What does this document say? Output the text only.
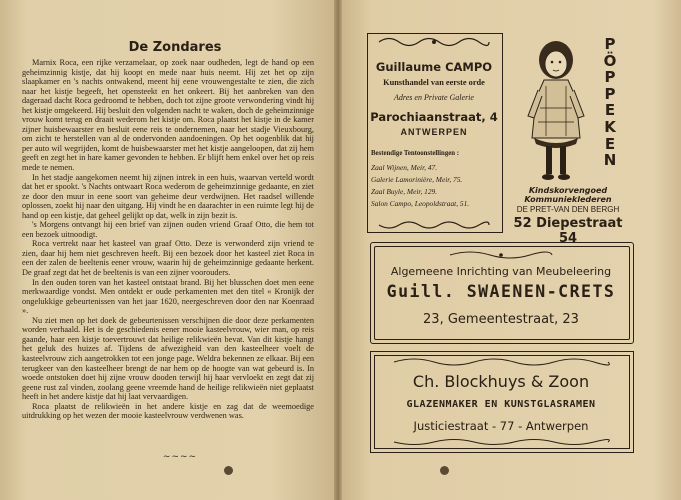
De Zondares

Marnix Roca, een rijke verzamelaar, op zoek naar oudheden, legt de hand op een geheimzinnig kistje, dat hij koopt en mede naar huis neemt. Hij zet het op zijn slaapkamer en 's nachts ontwakend, meent hij eene vrouwengestalte te zien, die zich naar het kistje begeeft, het opensteekt en het onkeert. Bij het aanbreken van den dageraad dacht Roca gedroomd te hebben, doch tot zijne groote verwondering vindt hij het kistje omgekeerd. Hij besluit den volgenden nacht te waken, doch de geheimzinnige vrouw komt terug en draait wederom het kistje om. Roca plaatst het kistje in de kamer zijner huisbewaarster en besluit eene reis te ondernemen, naar het stadje Vieuxbourg, om zicht te herstellen van al de ondervonden aandoeningen. Op het oogenblik dat hij per auto wil wegrijden, komt de huisbewaarster met het kistje aangeloopen, dat zij hem geeft en zegt het in hare kamer gevonden te hebben. Er blijft hem enkel over het op reis mede te nemen.

In het stadje aangekomen neemt hij zijnen intrek in een huis, waarvan verteld wordt dat het er spookt. 's Nachts ontwaart Roca wederom de geheimzinnige gedaante, en ziet ze door den muur in eene soort van geheime deur verdwijnen. Het raadsel willende oplossen, zoekt hij naar den uitgang. Hij vindt he en daarachter in een ruimte legt hij de hand op een kistje, dat geheel gelijkt op dat, welk in zijn bezit is.

's Morgens ontvangt hij een brief van zijnen ouden vriend Graaf Otto, die hem tot een bezoek uitnoodigt.

Roca vertrekt naar het kasteel van graaf Otto. Deze is verwonderd zijn vriend te zien, daar hij hem niet geschreven heeft. Bij een bezoek door het kasteel ziet Roca in een der zalen de beeltenis eener vrouw, waarin hij de geheimzinnige gedaante herkent. De graaf zegt dat het de beeltenis is van een zijner voorouders.

In den ouden toren van het kasteel ontstaat brand. Bij het blusschen doet men eene merkwaardige vondst. Men ontdekt er oude perkamenten met den titel « Kronijk der ongelukkige gebeurtenissen van het jaar 1620, neergeschreven door den nar Koenraad ».

Nu ziet men op het doek de gebeurtenissen verschijnen die door deze perkamenten worden verhaald. Het is de geschiedenis eener mooie kasteelvrouw, wier man, op reis gaande, haar een kistje toevertrouwt dat heilige relikwieën bevat. Van dit kistje hangt het geluk des huizes af. Tijdens de afwezigheid van den kasteelheer voelt de kasteelvrouw zich aangetrokken tot een jonge page. Weldra bekennen ze elkaar. Bij een terugkeer van den kasteelheer brengt de nar hem op de hoogte van wat gebeurd is. In woede ontstoken doet hij zijne vrouw dooden terwijl hij haar vervloekt en zegt dat zij geene rust zal vinden, zoolang geene vreemde hand de heilige relikwieën niet geplaatst heeft in het andere kistje dat hij laat vervaardigen.

Roca plaatst de relikwieën in het andere kistje en zag dat de weemoedige uitdrukking op het wezen der mooie kasteelvrouw verdwenen was.

~~~~
Guillaume CAMPO
Kunsthandel van eerste orde
Adres en Private Galerie
Parochiaanstraat, 4
ANTWERPEN
Bestendige Tentoonstellingen :
Zaal Wijnen, Meir, 47.
Galerie Lamorinière, Meir, 75.
Zaal Buyle, Meir, 129.
Salon Campo, Leopoldstraat, 51.
P
Ö
P
P
E
K
E
N
Kindskorvengoed
Kommunieklederen
DE PRET-VAN DEN BERGH
52 Diepestraat 54
Algemeene Inrichting van Meubeleering
Guill. SWAENEN-CRETS
23, Gemeentestraat, 23
Ch. Blockhuys & Zoon
GLAZENMAKER EN KUNSTGLASRAMEN
Justiciestraat - 77 - Antwerpen
